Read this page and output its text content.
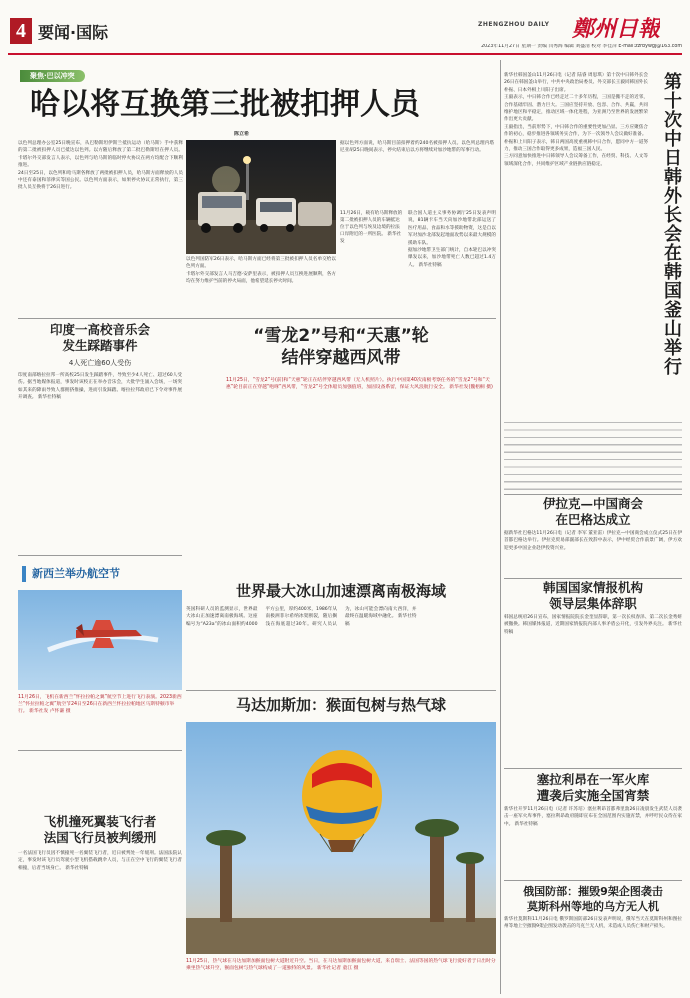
4 要闻·国际	ZHENGZHOU DAILY 鄭州日報
2023年11月27日 星期一 责编 闫秀海 编辑 刘盛清 校对 李佳萍 E-mail:zzrbywgj@163.com
聚焦·巴以冲突
哈以将互换第三批被扣押人员
陈立希

以色列总理办公室25日晚宣布，从巴勒斯坦伊斯兰抵抗运动（哈马斯）手中获释的第二批被扣押人员已抵达以色列。以方随后释放了第二批巴勒斯坦在押人员。卡塔尔外交部发言人表示，以色列与哈马斯的临时停火协议在两方均配合下顺利推进。

24日至25日，以色列和哈马斯各释放了两批被扣押人员，哈马斯方面释放的人员中还有泰国和菲律宾等国公民。以色列方面表示，如果停火协议正常执行，第三批人员互换将于26日进行。

11月26日，载有哈马斯释放的第二批被扣押人员的车辆抵达位于以色列与埃及边境的拉法口岸附近的一所医院。 新华社发

以色列国防军26日表示，哈马斯方面已经将第三批被扣押人员名单交给以色列方面。

卡塔尔外交部发言人马吉德·安萨里表示，被扣押人员互换进展顺利，各方均在努力维护当前的停火局面，他希望延长停火时间。

据以色列方面说，哈马斯目前扣押着约240名被扣押人员。以色列总理内塔尼亚胡25日晚间表示，停火结束后以方将继续对加沙地带的军事行动。

联合国人道主义事务协调厅25日发表声明说，81辆卡车当天向加沙地带北部运送了医疗用品、食品和水等援助物资，这是自以军对加沙北部发起地面攻势以来最大规模的援助车队。

据加沙地带卫生部门统计，自本轮巴以冲突爆发以来，加沙地带死亡人数已超过1.4万人。 新华社特稿

印度一高校音乐会
发生踩踏事件
4人死亡逾60人受伤

印度南部喀拉拉邦一所高校25日发生踩踏事件，导致至少4人死亡、超过60人受伤。据当地媒体报道，事发时该校正在举办音乐会，大批学生涌入会场，一场突如其来的降雨导致人群拥挤推搡，进而引发踩踏。喀拉拉邦政府已下令对事件展开调查。 新华社特稿

“雪龙2”号和“天惠”轮
结伴穿越西风带
11月25日，“雪龙2”号(前)和“天惠”轮正在结伴穿越西风带（无人机照片）。执行中国第40次南极考察任务的“雪龙2”号和“天惠”轮目前正在穿越“咆哮”西风带，“雪龙2”号全体船员加强值班，加固设备系留，保证大风浪航行安全。 新华社发(魏梧桐 摄)
新西兰举办航空节
11月26日，飞机在新西兰“怀拉拉帕之翼”航空节上进行飞行表演。2023新西兰“怀拉拉帕之翼”航空节24日至26日在新西兰怀拉拉帕地区马斯特顿市举行。 新华社发 卢怀谦 摄
世界最大冰山加速漂离南极海域

英国科研人员的监测显示，世界最大冰山正加速漂离南极海域。这座编号为“A23a”的冰山面积约4000平方公里，厚约400米，1986年从南极洲菲尔希纳冰架断裂，随后搁浅在海底超过30年。研究人员认为，冰山可能会漂向南大西洋，并最终在温暖海域中融化。 新华社特稿

马达加斯加：猴面包树与热气球
11月25日，热气球在马达加斯加猴面包树大道附近升空。当日，在马达加斯加猴面包树大道，来自瑞士、法国等国的热气球飞行爱好者于日出时分乘坐热气球升空，猴面包树与热气球构成了一道独特的风景。 新华社记者 童江 摄
飞机撞死翼装飞行者
法国飞行员被判缓刑

一名法国飞行员因不慎撞死一名翼装飞行者，近日被判处一年缓刑。法国法院认定，事发时该飞行员驾驶小型飞机搭载跳伞人员，与正在空中飞行的翼装飞行者相撞，后者当场身亡。 新华社特稿

第十次中日韩外长会在韩国釜山举行

新华社韩国釜山11月26日电（记者 陆睿 周思琪）第十次中日韩外长会26日在韩国釜山举行，中共中央政治局委员、外交部长王毅同韩国外长朴振、日本外相上川阳子出席。

王毅表示，中日韩合作已经走过二十多年历程，三国是搬不走的近邻，合作基础牢固、潜力巨大。三国应坚持开放、包容、合作、共赢，共同维护地区和平稳定，推动区域一体化进程，为亚洲乃至世界的发展繁荣作出更大贡献。

王毅指出，当前形势下，中日韩合作的重要性更加凸显。三方应聚焦合作的初心，稳步推进各领域务实合作，为下一次领导人会议做好准备。

朴振和上川阳子表示，韩日两国高度重视韩中日合作，愿同中方一道努力，推动三国合作取得更多成果，造福三国人民。

三方同意加快推进中日韩领导人会议筹备工作，在经贸、科技、人文等领域深化合作，共同维护区域产业链供应链稳定。

伊拉克—中国商会
在巴格达成立

据新华社巴格达11月26日电（记者 李军 董亚雷）伊拉克—中国商会成立仪式25日在伊首都巴格达举行。伊拉克贸易部副部长在致辞中表示，伊中经贸合作前景广阔，伊方欢迎更多中国企业赴伊投资兴业。

韩国国家情报机构
领导层集体辞职

韩国总统府26日宣布，国家情报院院长金奎显辞职，第一次长权春泽、第二次长金秀妍被撤换。韩国媒体报道，近期国家情报院内部人事矛盾公开化，引发外界关注。 新华社特稿

塞拉利昂在一军火库
遭袭后实施全国宵禁

新华社开罗11月26日电（记者 许苏培）塞拉利昂首都弗里敦26日凌晨发生武装人员袭击一座军火库事件，塞拉利昂政府随即宣布在全国范围内实施宵禁，并呼吁民众待在家中。 新华社特稿

俄国防部：摧毁9架企图袭击
莫斯科州等地的乌方无人机

新华社莫斯科11月26日电 俄罗斯国防部26日发表声明说，俄军当天在莫斯科州和图拉州等地上空摧毁9架企图发动袭击的乌克兰无人机，未造成人员伤亡和财产损失。
